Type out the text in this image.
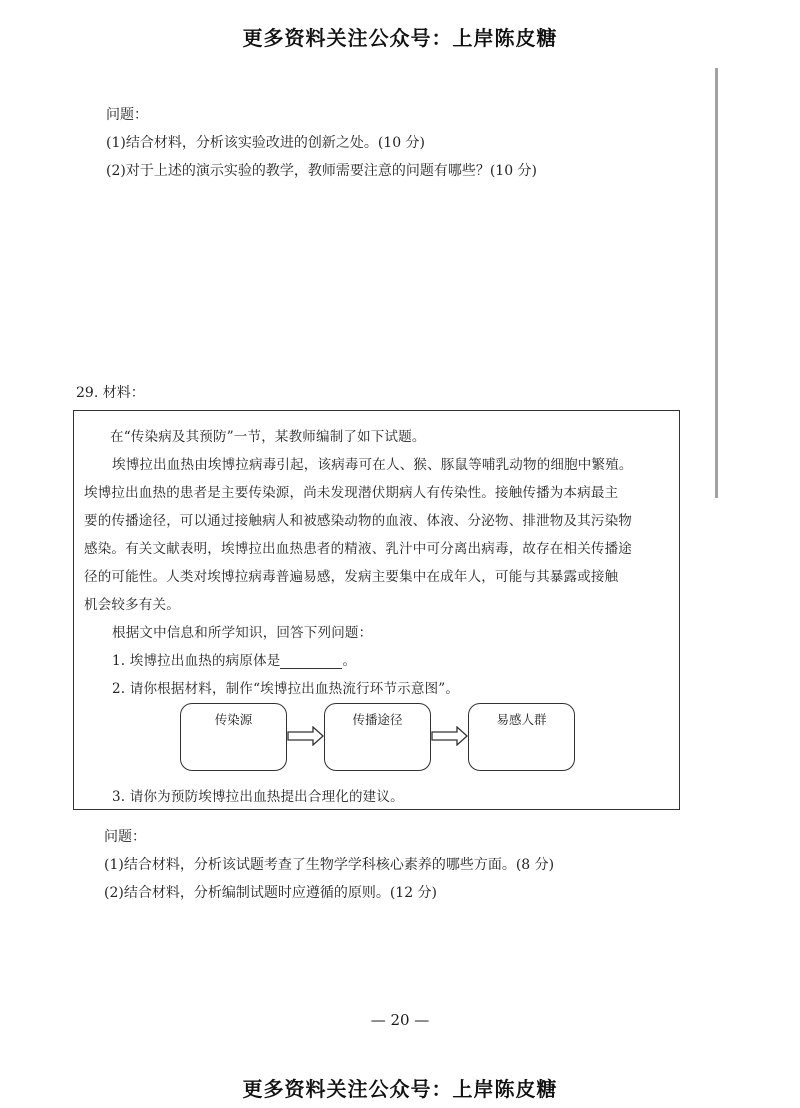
更多资料关注公众号：上岸陈皮糖
问题：
(1)结合材料，分析该实验改进的创新之处。(10 分)
(2)对于上述的演示实验的教学，教师需要注意的问题有哪些？(10 分)
29. 材料：
在“传染病及其预防”一节，某教师编制了如下试题。
埃博拉出血热由埃博拉病毒引起，该病毒可在人、猴、豚鼠等哺乳动物的细胞中繁殖。
埃博拉出血热的患者是主要传染源，尚未发现潜伏期病人有传染性。接触传播为本病最主
要的传播途径，可以通过接触病人和被感染动物的血液、体液、分泌物、排泄物及其污染物
感染。有关文献表明，埃博拉出血热患者的精液、乳汁中可分离出病毒，故存在相关传播途
径的可能性。人类对埃博拉病毒普遍易感，发病主要集中在成年人，可能与其暴露或接触
机会较多有关。
根据文中信息和所学知识，回答下列问题：
1. 埃博拉出血热的病原体是	。
2. 请你根据材料，制作“埃博拉出血热流行环节示意图”。
传染源	传播途径	易感人群
3. 请你为预防埃博拉出血热提出合理化的建议。
问题：
(1)结合材料，分析该试题考查了生物学学科核心素养的哪些方面。(8 分)
(2)结合材料，分析编制试题时应遵循的原则。(12 分)
— 20 —
更多资料关注公众号：上岸陈皮糖
